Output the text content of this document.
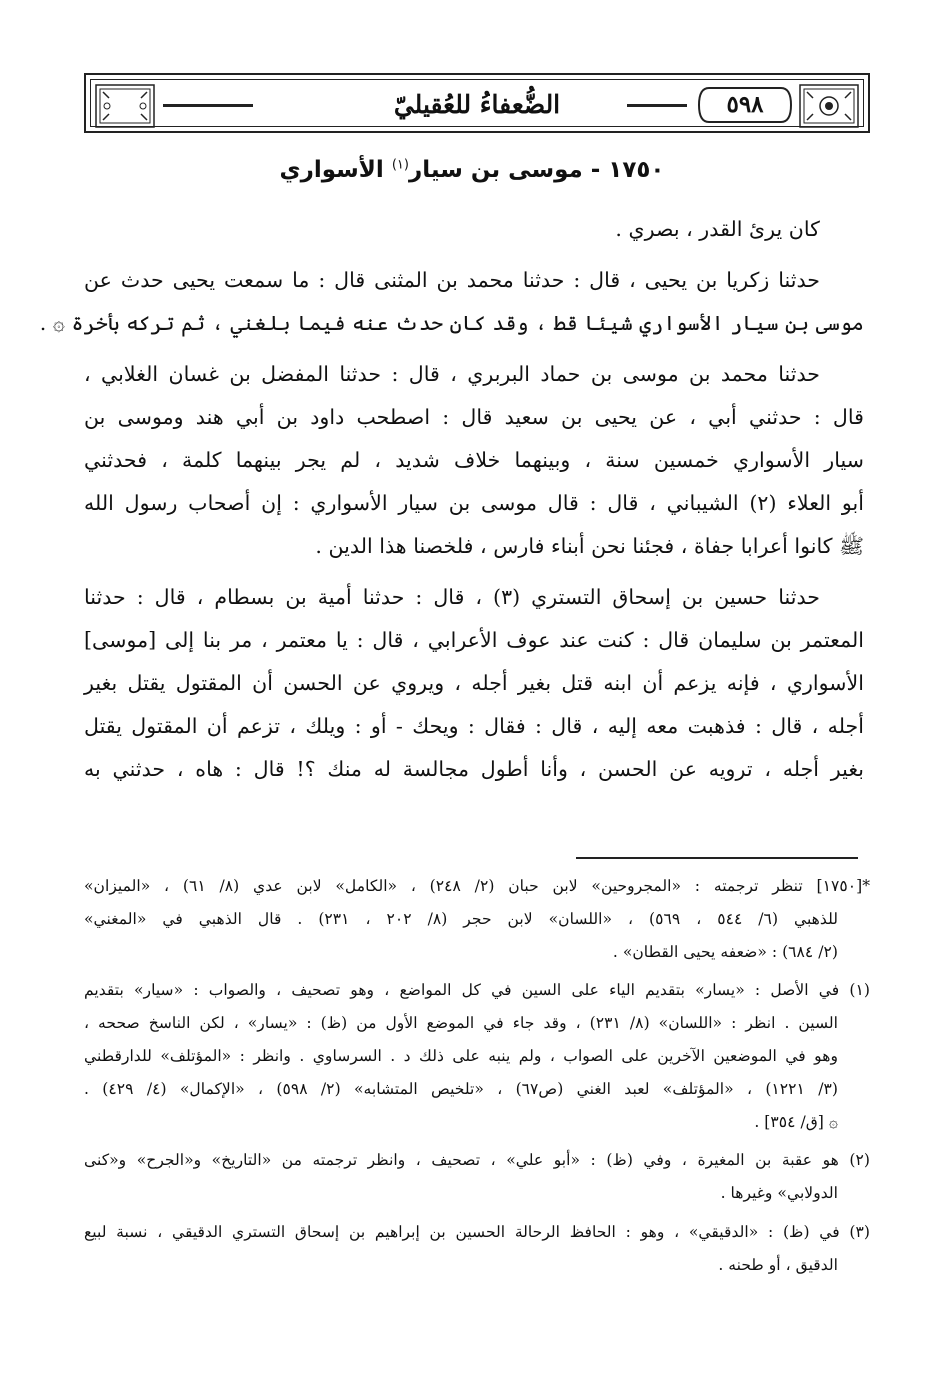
٥٩٨
الضُّعفاءُ للعُقيليّ
١٧٥٠ - موسى بن سيار$^{(١)}$ الأسواري
كان يرئ القدر ، بصري .
حدثنا زكريا بن يحيى ، قال : حدثنا محمد بن المثنى قال : ما سمعت يحيى حدث عن
موسى بن سيار الأسواري شيئا قط ، وقد كان حدث عنه فيما بلغني ، ثم تركه بأخرة ۞ .
حدثنا محمد بن موسى بن حماد البربري ، قال : حدثنا المفضل بن غسان الغلابي ،
قال : حدثني أبي ، عن يحيى بن سعيد قال : اصطحب داود بن أبي هند وموسى بن
سيار الأسواري خمسين سنة ، وبينهما خلاف شديد ، لم يجر بينهما كلمة ، فحدثني
أبو العلاء (٢) الشيباني ، قال : قال موسى بن سيار الأسواري : إن أصحاب رسول الله
ﷺ كانوا أعرابا جفاة ، فجئنا نحن أبناء فارس ، فلخصنا هذا الدين .
حدثنا حسين بن إسحاق التستري (٣) ، قال : حدثنا أمية بن بسطام ، قال : حدثنا
المعتمر بن سليمان قال : كنت عند عوف الأعرابي ، قال : يا معتمر ، مر بنا إلى [موسى]
الأسواري ، فإنه يزعم أن ابنه قتل بغير أجله ، ويروي عن الحسن أن المقتول يقتل بغير
أجله ، قال : فذهبت معه إليه ، قال : فقال : ويحك - أو : ويلك ، تزعم أن المقتول يقتل
بغير أجله ، ترويه عن الحسن ، وأنا أطول مجالسة له منك ؟! قال : هاه ، حدثني به
*[١٧٥٠] تنظر ترجمته : «المجروحين» لابن حبان (٢/ ٢٤٨) ، «الكامل» لابن عدي (٨/ ٦١) ، «الميزان»
للذهبي (٦/ ٥٤٤ ، ٥٦٩) ، «اللسان» لابن حجر (٨/ ٢٠٢ ، ٢٣١) . قال الذهبي في «المغني»
(٢/ ٦٨٤) : «ضعفه يحيى القطان» .
(١) في الأصل : «يسار» بتقديم الياء على السين في كل المواضع ، وهو تصحيف ، والصواب : «سيار» بتقديم
السين . انظر : «اللسان» (٨/ ٢٣١) ، وقد جاء في الموضع الأول من (ظ) : «يسار» ، لكن الناسخ صححه ،
وهو في الموضعين الآخرين على الصواب ، ولم ينبه على ذلك د . السرساوي . وانظر : «المؤتلف» للدارقطني
(٣/ ١٢٢١) ، «المؤتلف» لعبد الغني (ص٦٧) ، «تلخيص المتشابه» (٢/ ٥٩٨) ، «الإكمال» (٤/ ٤٢٩) .
۞ [ق/ ٣٥٤] .
(٢) هو عقبة بن المغيرة ، وفي (ظ) : «أبو علي» ، تصحيف ، وانظر ترجمته من «التاريخ» و«الجرح» و«كنى
الدولابي» وغيرها .
(٣) في (ظ) : «الدقيقي» ، وهو : الحافظ الرحالة الحسين بن إبراهيم بن إسحاق التستري الدقيقي ، نسبة لبيع
الدقيق ، أو طحنه .
